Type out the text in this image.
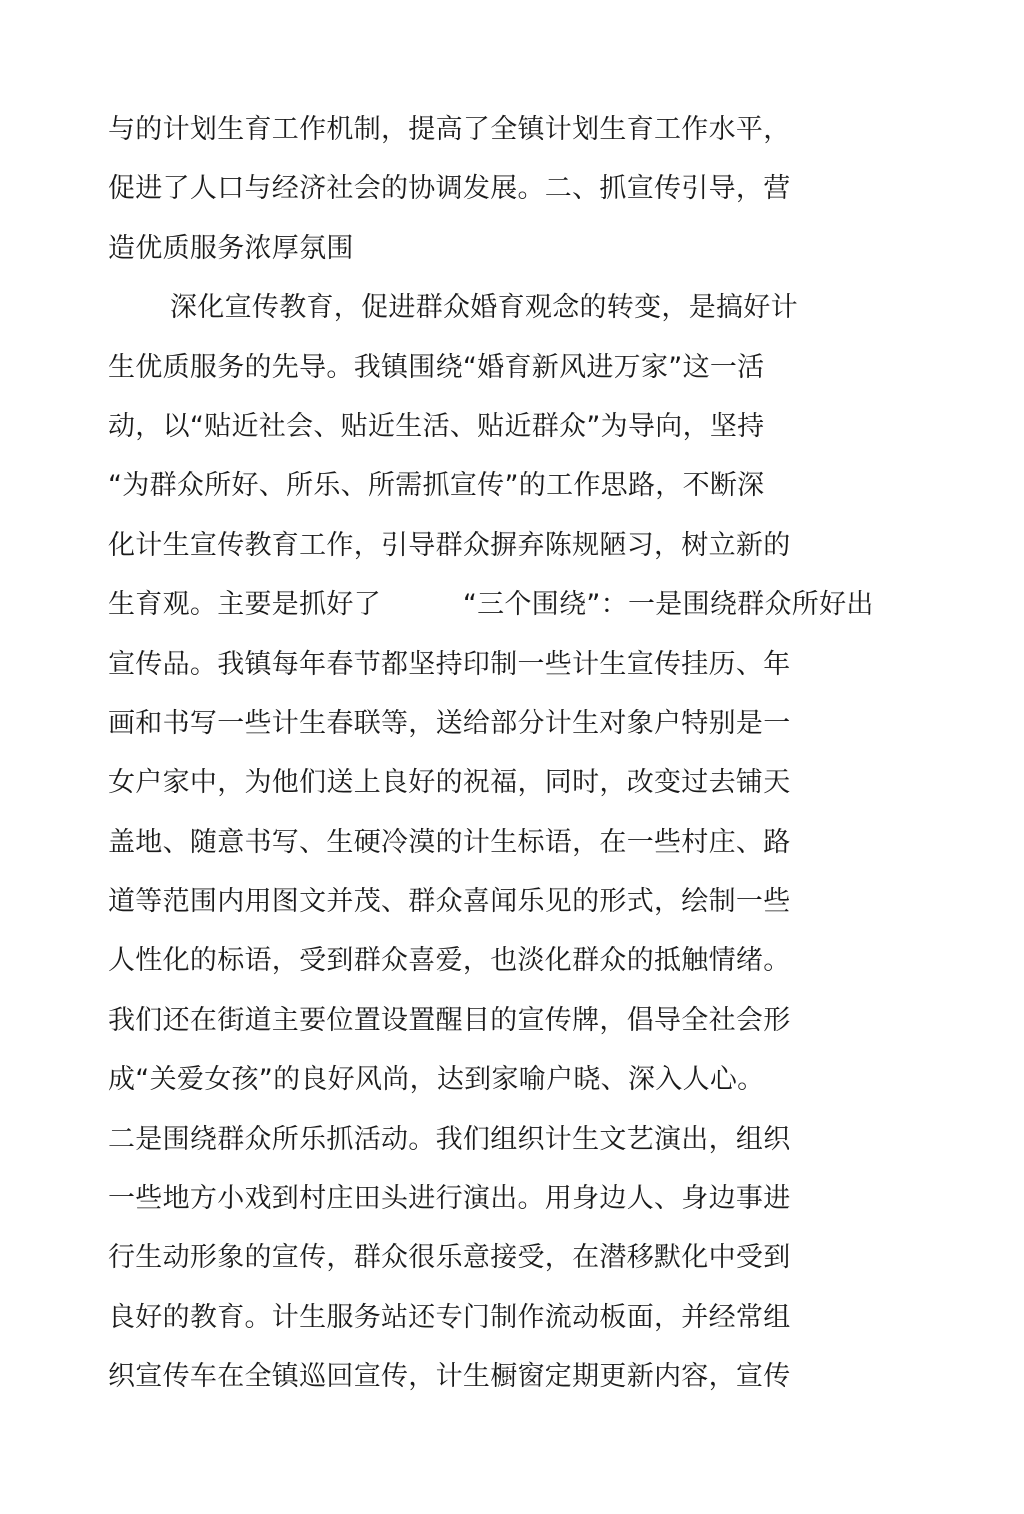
与的计划生育工作机制，提高了全镇计划生育工作水平，
促进了人口与经济社会的协调发展。二、抓宣传引导，营
造优质服务浓厚氛围
深化宣传教育，促进群众婚育观念的转变，是搞好计
生优质服务的先导。我镇围绕“婚育新风进万家”这一活
动，以“贴近社会、贴近生活、贴近群众”为导向，坚持
“为群众所好、所乐、所需抓宣传”的工作思路，不断深
化计生宣传教育工作，引导群众摒弃陈规陋习，树立新的
生育观。主要是抓好了　　　“三个围绕”：一是围绕群众所好出
宣传品。我镇每年春节都坚持印制一些计生宣传挂历、年
画和书写一些计生春联等，送给部分计生对象户特别是一
女户家中，为他们送上良好的祝福，同时，改变过去铺天
盖地、随意书写、生硬冷漠的计生标语，在一些村庄、路
道等范围内用图文并茂、群众喜闻乐见的形式，绘制一些
人性化的标语，受到群众喜爱，也淡化群众的抵触情绪。
我们还在街道主要位置设置醒目的宣传牌，倡导全社会形
成“关爱女孩”的良好风尚，达到家喻户晓、深入人心。
二是围绕群众所乐抓活动。我们组织计生文艺演出，组织
一些地方小戏到村庄田头进行演出。用身边人、身边事进
行生动形象的宣传，群众很乐意接受，在潜移默化中受到
良好的教育。计生服务站还专门制作流动板面，并经常组
织宣传车在全镇巡回宣传，计生橱窗定期更新内容，宣传
